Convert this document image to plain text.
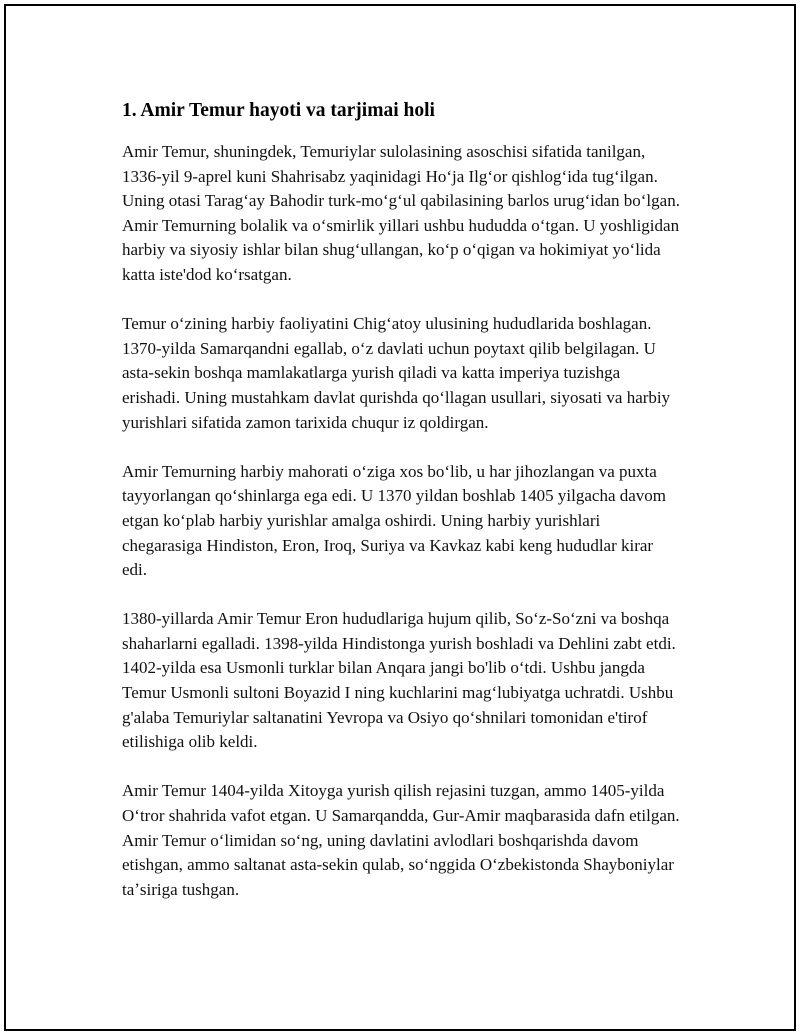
1. Amir Temur hayoti va tarjimai holi

Amir Temur, shuningdek, Temuriylar sulolasining asoschisi sifatida tanilgan, 1336-yil 9-aprel kuni Shahrisabz yaqinidagi Hoʻja Ilgʻor qishlogʻida tugʻilgan. Uning otasi Taragʻay Bahodir turk-moʻgʻul qabilasining barlos urugʻidan boʻlgan. Amir Temurning bolalik va oʻsmirlik yillari ushbu hududda oʻtgan. U yoshligidan harbiy va siyosiy ishlar bilan shugʻullangan, koʻp oʻqigan va hokimiyat yoʻlida katta iste'dod koʻrsatgan.

Temur oʻzining harbiy faoliyatini Chigʻatoy ulusining hududlarida boshlagan. 1370-yilda Samarqandni egallab, oʻz davlati uchun poytaxt qilib belgilagan. U asta-sekin boshqa mamlakatlarga yurish qiladi va katta imperiya tuzishga erishadi. Uning mustahkam davlat qurishda qoʻllagan usullari, siyosati va harbiy yurishlari sifatida zamon tarixida chuqur iz qoldirgan.

Amir Temurning harbiy mahorati oʻziga xos boʻlib, u har jihozlangan va puxta tayyorlangan qoʻshinlarga ega edi. U 1370 yildan boshlab 1405 yilgacha davom etgan koʻplab harbiy yurishlar amalga oshirdi. Uning harbiy yurishlari chegarasiga Hindiston, Eron, Iroq, Suriya va Kavkaz kabi keng hududlar kirar edi.

1380-yillarda Amir Temur Eron hududlariga hujum qilib, Soʻz-Soʻzni va boshqa shaharlarni egalladi. 1398-yilda Hindistonga yurish boshladi va Dehlini zabt etdi. 1402-yilda esa Usmonli turklar bilan Anqara jangi bo'lib oʻtdi. Ushbu jangda Temur Usmonli sultoni Boyazid I ning kuchlarini magʻlubiyatga uchratdi. Ushbu g'alaba Temuriylar saltanatini Yevropa va Osiyo qoʻshnilari tomonidan e'tirof etilishiga olib keldi.

Amir Temur 1404-yilda Xitoyga yurish qilish rejasini tuzgan, ammo 1405-yilda Oʻtror shahrida vafot etgan. U Samarqandda, Gur-Amir maqbarasida dafn etilgan. Amir Temur oʻlimidan soʻng, uning davlatini avlodlari boshqarishda davom etishgan, ammo saltanat asta-sekin qulab, soʻnggida Oʻzbekistonda Shayboniylar taʼsiriga tushgan.
